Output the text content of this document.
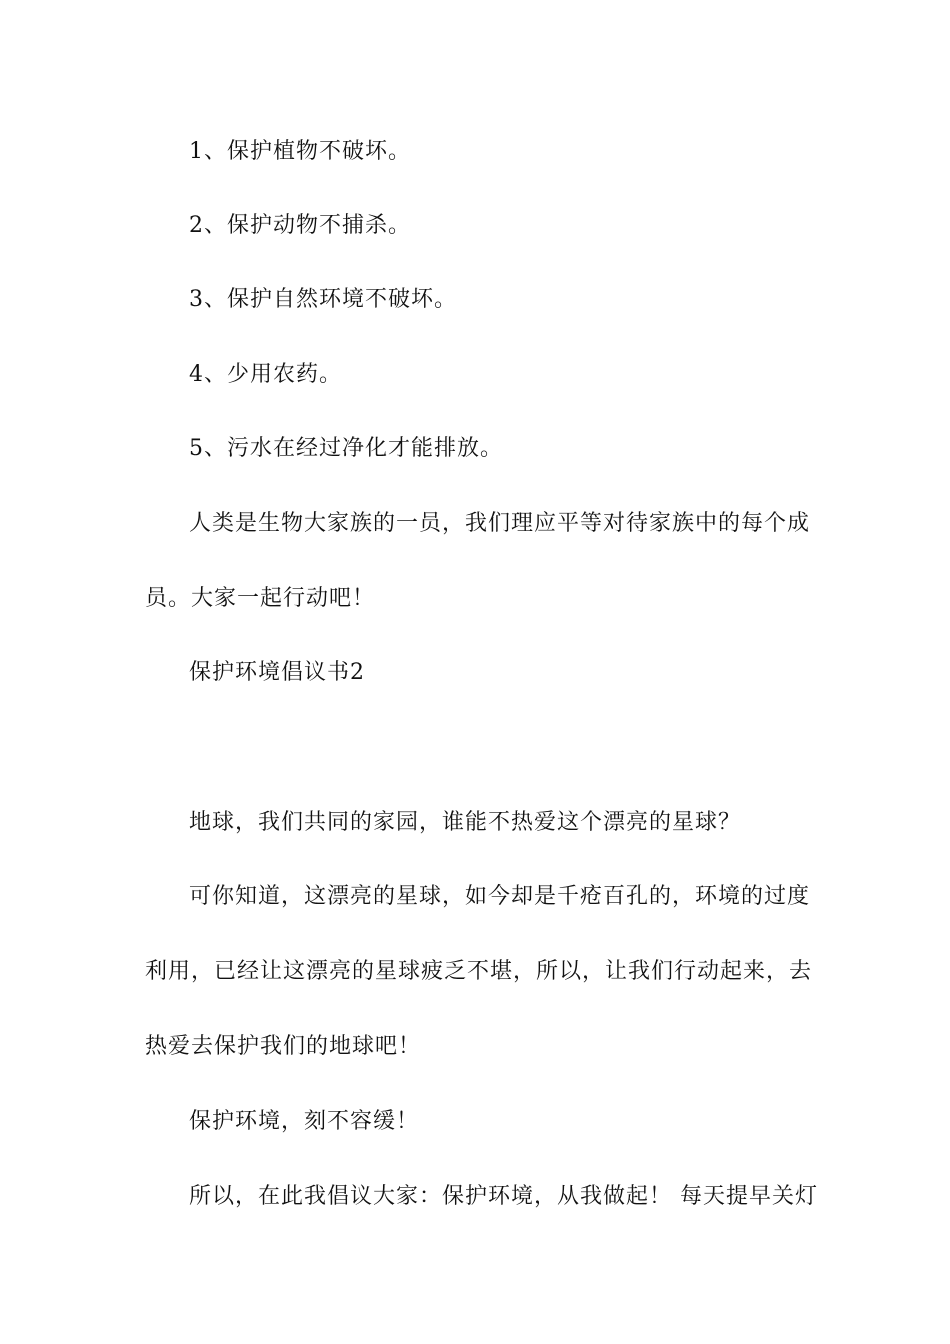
1、保护植物不破坏。
2、保护动物不捕杀。
3、保护自然环境不破坏。
4、少用农药。
5、污水在经过净化才能排放。
人类是生物大家族的一员，我们理应平等对待家族中的每个成
员。大家一起行动吧！
保护环境倡议书2
地球，我们共同的家园，谁能不热爱这个漂亮的星球？
可你知道，这漂亮的星球，如今却是千疮百孔的，环境的过度
利用，已经让这漂亮的星球疲乏不堪，所以，让我们行动起来，去
热爱去保护我们的地球吧！
保护环境，刻不容缓！
所以，在此我倡议大家：保护环境，从我做起！ 每天提早关灯
